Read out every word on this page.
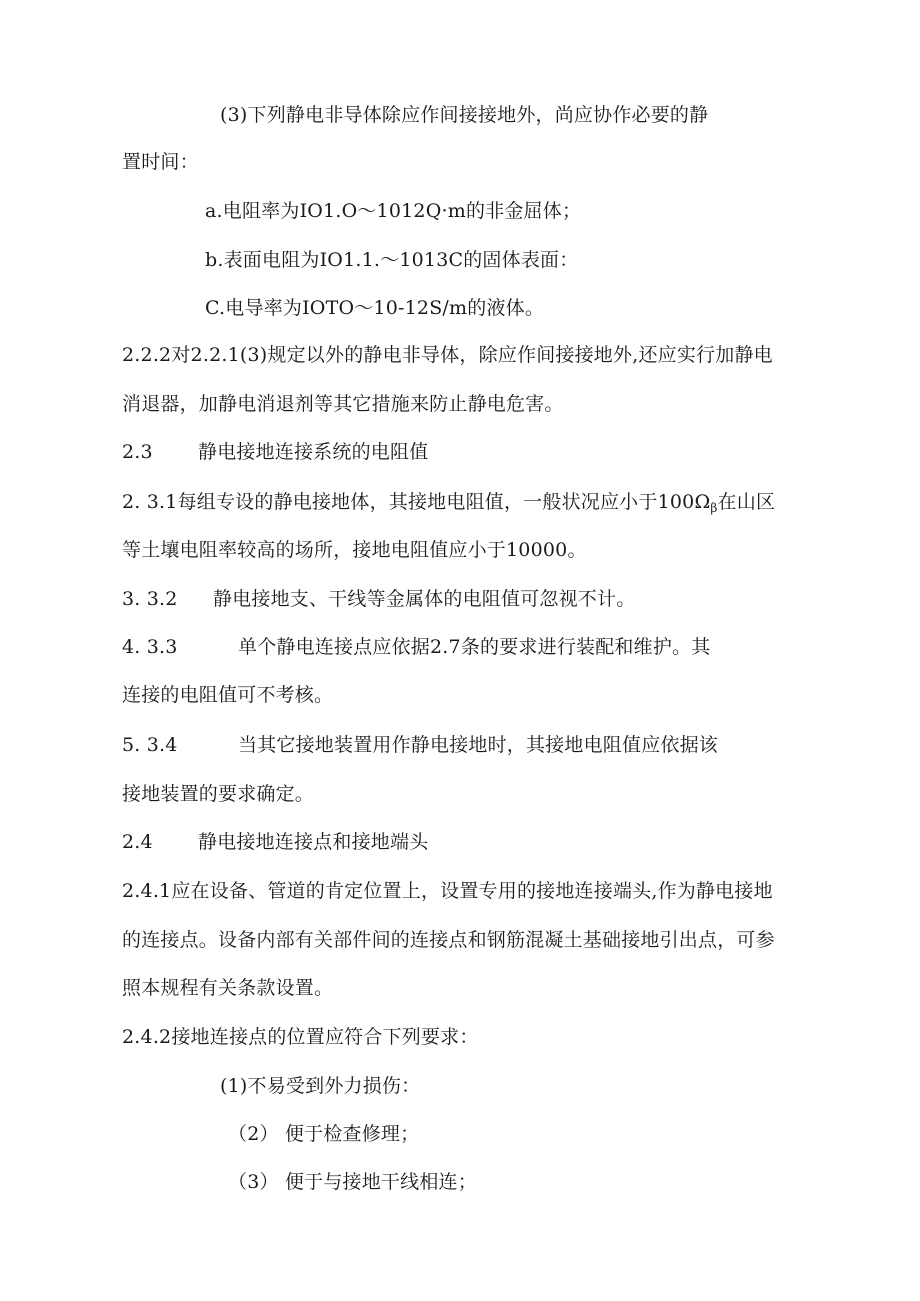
(3)下列静电非导体除应作间接接地外，尚应协作必要的静
置时间：
a.电阻率为IO1.O～1012Q·m的非金屈体；
b.表面电阻为IO1.1.～1013C的固体表面：
C.电导率为IOTO～10-12S∕m的液体。
2.2.2对2.2.1(3)规定以外的静电非导体，除应作间接接地外,还应实行加静电
消退器，加静电消退剂等其它措施来防止静电危害。
2.3 静电接地连接系统的电阻值
2. 3.1每组专设的静电接地体，其接地电阻值，一般状况应小于$100\Omega_\beta$在山区
等土壤电阻率较高的场所，接地电阻值应小于10000。
3. 3.2 静电接地支、干线等金属体的电阻值可忽视不计。
4. 3.3	单个静电连接点应依据2.7条的要求进行装配和维护。其
连接的电阻值可不考核。
5. 3.4	当其它接地装置用作静电接地时，其接地电阻值应依据该
接地装置的要求确定。
2.4 静电接地连接点和接地端头
2.4.1应在设备、管道的肯定位置上，设置专用的接地连接端头,作为静电接地
的连接点。设备内部有关部件间的连接点和钢筋混凝土基础接地引出点，可参
照本规程有关条款设置。
2.4.2接地连接点的位置应符合下列要求：
(1)不易受到外力损伤：
（2） 便于检查修理；
（3） 便于与接地干线相连；
